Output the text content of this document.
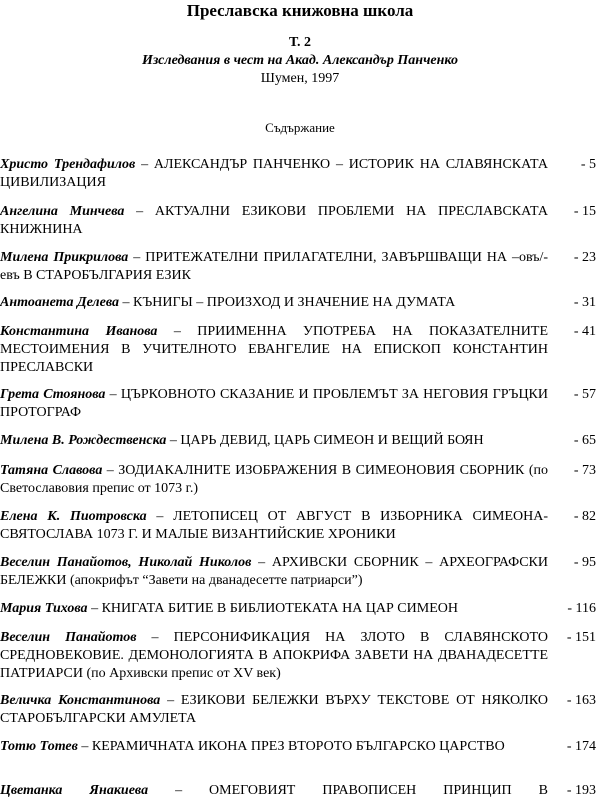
Преславска книжовна школа
Т. 2
Изследвания в чест на Акад. Александър Панченко
Шумен, 1997
Съдържание
Христо Трендафилов – АЛЕКСАНДЪР ПАНЧЕНКО – ИСТОРИК НА СЛАВЯНСКАТА ЦИВИЛИЗАЦИЯ
- 5
Ангелина Минчева – АКТУАЛНИ ЕЗИКОВИ ПРОБЛЕМИ НА ПРЕСЛАВСКАТА КНИЖНИНА
- 15
Милена Прикрилова – ПРИТЕЖАТЕЛНИ ПРИЛАГАТЕЛНИ, ЗАВЪРШВАЩИ НА –овъ/-евъ В СТАРОБЪЛГАРИЯ ЕЗИК
- 23
Антоанета Делева – КЪНИГЫ – ПРОИЗХОД И ЗНАЧЕНИЕ НА ДУМАТА	- 31
Константина Иванова – ПРИИМЕННА УПОТРЕБА НА ПОКАЗАТЕЛНИТЕ МЕСТОИМЕНИЯ В УЧИТЕЛНОТО ЕВАНГЕЛИЕ НА ЕПИСКОП КОНСТАНТИН ПРЕСЛАВСКИ
- 41
Грета Стоянова – ЦЪРКОВНОТО СКАЗАНИЕ И ПРОБЛЕМЪТ ЗА НЕГОВИЯ ГРЪЦКИ ПРОТОГРАФ
- 57
Милена В. Рождественска – ЦАРЬ ДЕВИД, ЦАРЬ СИМЕОН И ВЕЩИЙ БОЯН	- 65
Татяна Славова – ЗОДИАКАЛНИТЕ ИЗОБРАЖЕНИЯ В СИМЕОНОВИЯ СБОРНИК (по Светославовия препис от 1073 г.)
- 73
Елена К. Пиотровска – ЛЕТОПИСЕЦ ОТ АВГУСТ В ИЗБОРНИКА СИМЕОНА-СВЯТОСЛАВА 1073 Г. И МАЛЫЕ ВИЗАНТИЙСКИЕ ХРОНИКИ
- 82
Веселин Панайотов, Николай Николов – АРХИВСКИ СБОРНИК – АРХЕОГРАФСКИ БЕЛЕЖКИ (апокрифът “Завети на дванадесетте патриарси”)
- 95
Мария Тихова – КНИГАТА БИТИЕ В БИБЛИОТЕКАТА НА ЦАР СИМЕОН	- 116
Веселин Панайотов – ПЕРСОНИФИКАЦИЯ НА ЗЛОТО В СЛАВЯНСКОТО СРЕДНОВЕКОВИЕ. ДЕМОНОЛОГИЯТА В АПОКРИФА ЗАВЕТИ НА ДВАНАДЕСЕТТЕ ПАТРИАРСИ (по Архивски препис от XV век)
- 151
Величка Константинова – ЕЗИКОВИ БЕЛЕЖКИ ВЪРХУ ТЕКСТОВЕ ОТ НЯКОЛКО СТАРОБЪЛГАРСКИ АМУЛЕТА
- 163
Тотю Тотев – КЕРАМИЧНАТА ИКОНА ПРЕЗ ВТОРОТО БЪЛГАРСКО ЦАРСТВО	- 174
Цветанка Янакиева – ОМЕГОВИЯТ ПРАВОПИСЕН ПРИНЦИП В - 193
